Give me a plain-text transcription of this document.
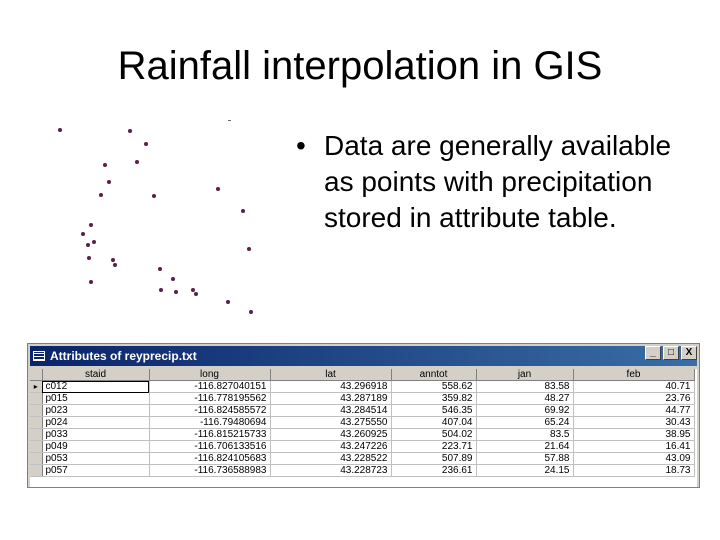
Rainfall interpolation in GIS
• Data are generally available as points with precipitation stored in attribute table.
Attributes of reyprecip.txt	_	□	X
	staid	long	lat	anntot	jan	feb
▸	c012	-116.827040151	43.296918	558.62	83.58	40.71
	p015	-116.778195562	43.287189	359.82	48.27	23.76
	p023	-116.824585572	43.284514	546.35	69.92	44.77
	p024	-116.79480694	43.275550	407.04	65.24	30.43
	p033	-116.815215733	43.260925	504.02	83.5	38.95
	p049	-116.706133516	43.247226	223.71	21.64	16.41
	p053	-116.824105683	43.228522	507.89	57.88	43.09
	p057	-116.736588983	43.228723	236.61	24.15	18.73
